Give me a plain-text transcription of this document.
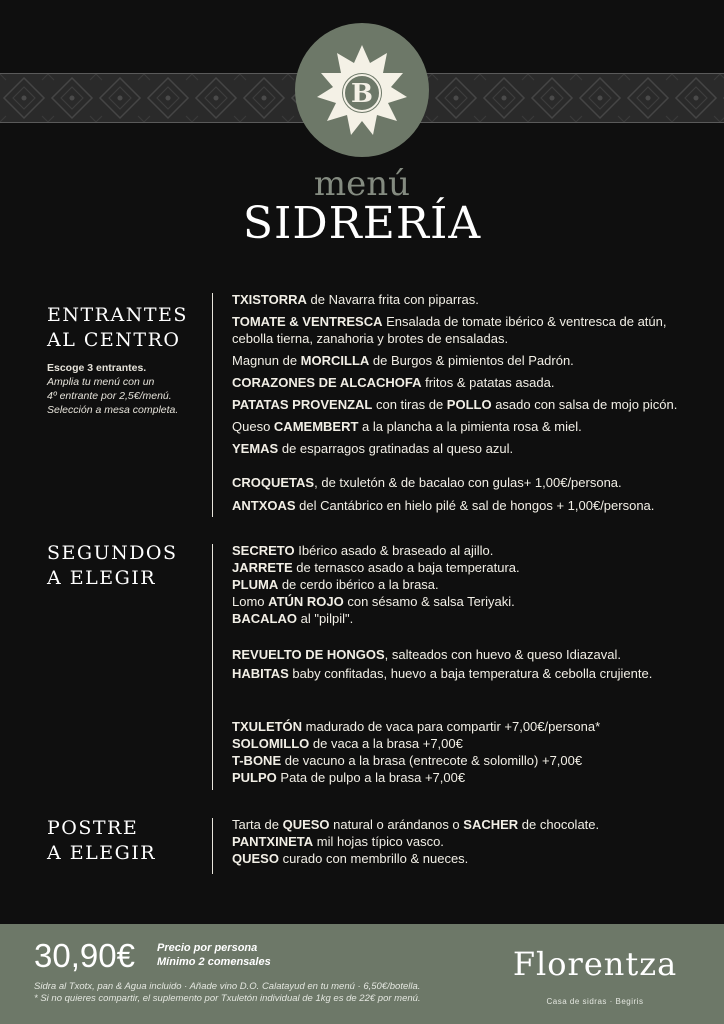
B
menú
SIDRERÍA
ENTRANTES
AL CENTRO
Escoge 3 entrantes.
Amplia tu menú con un
4º entrante por 2,5€/menú.
Selección a mesa completa.
TXISTORRA de Navarra frita con piparras.
TOMATE & VENTRESCA Ensalada de tomate ibérico & ventresca de atún,
cebolla tierna, zanahoria y brotes de ensaladas.
Magnun de MORCILLA de Burgos & pimientos del Padrón.
CORAZONES DE ALCACHOFA fritos & patatas asada.
PATATAS PROVENZAL con tiras de POLLO asado con salsa de mojo picón.
Queso CAMEMBERT a la plancha a la pimienta rosa & miel.
YEMAS de esparragos gratinadas al queso azul.
CROQUETAS, de txuletón & de bacalao con gulas+ 1,00€/persona.
ANTXOAS del Cantábrico en hielo pilé & sal de hongos + 1,00€/persona.
SEGUNDOS
A ELEGIR
SECRETO Ibérico asado & braseado al ajillo.
JARRETE de ternasco asado a baja temperatura.
PLUMA de cerdo ibérico a la brasa.
Lomo ATÚN ROJO con sésamo & salsa Teriyaki.
BACALAO al "pilpil".
REVUELTO DE HONGOS, salteados con huevo & queso Idiazaval.
HABITAS baby confitadas, huevo a baja temperatura & cebolla crujiente.
TXULETÓN madurado de vaca para compartir +7,00€/persona*
SOLOMILLO de vaca a la brasa +7,00€
T-BONE de vacuno a la brasa (entrecote & solomillo) +7,00€
PULPO Pata de pulpo a la brasa +7,00€
POSTRE
A ELEGIR
Tarta de QUESO natural o arándanos o SACHER de chocolate.
PANTXINETA mil hojas típico vasco.
QUESO curado con membrillo & nueces.
30,90€ Precio por persona
Mínimo 2 comensales
Sidra al Txotx, pan & Agua incluido · Añade vino D.O. Calatayud en tu menú · 6,50€/botella.
* Si no quieres compartir, el suplemento por Txuletón individual de 1kg es de 22€ por menú.
Florentza
Casa de sidras · Begiris
